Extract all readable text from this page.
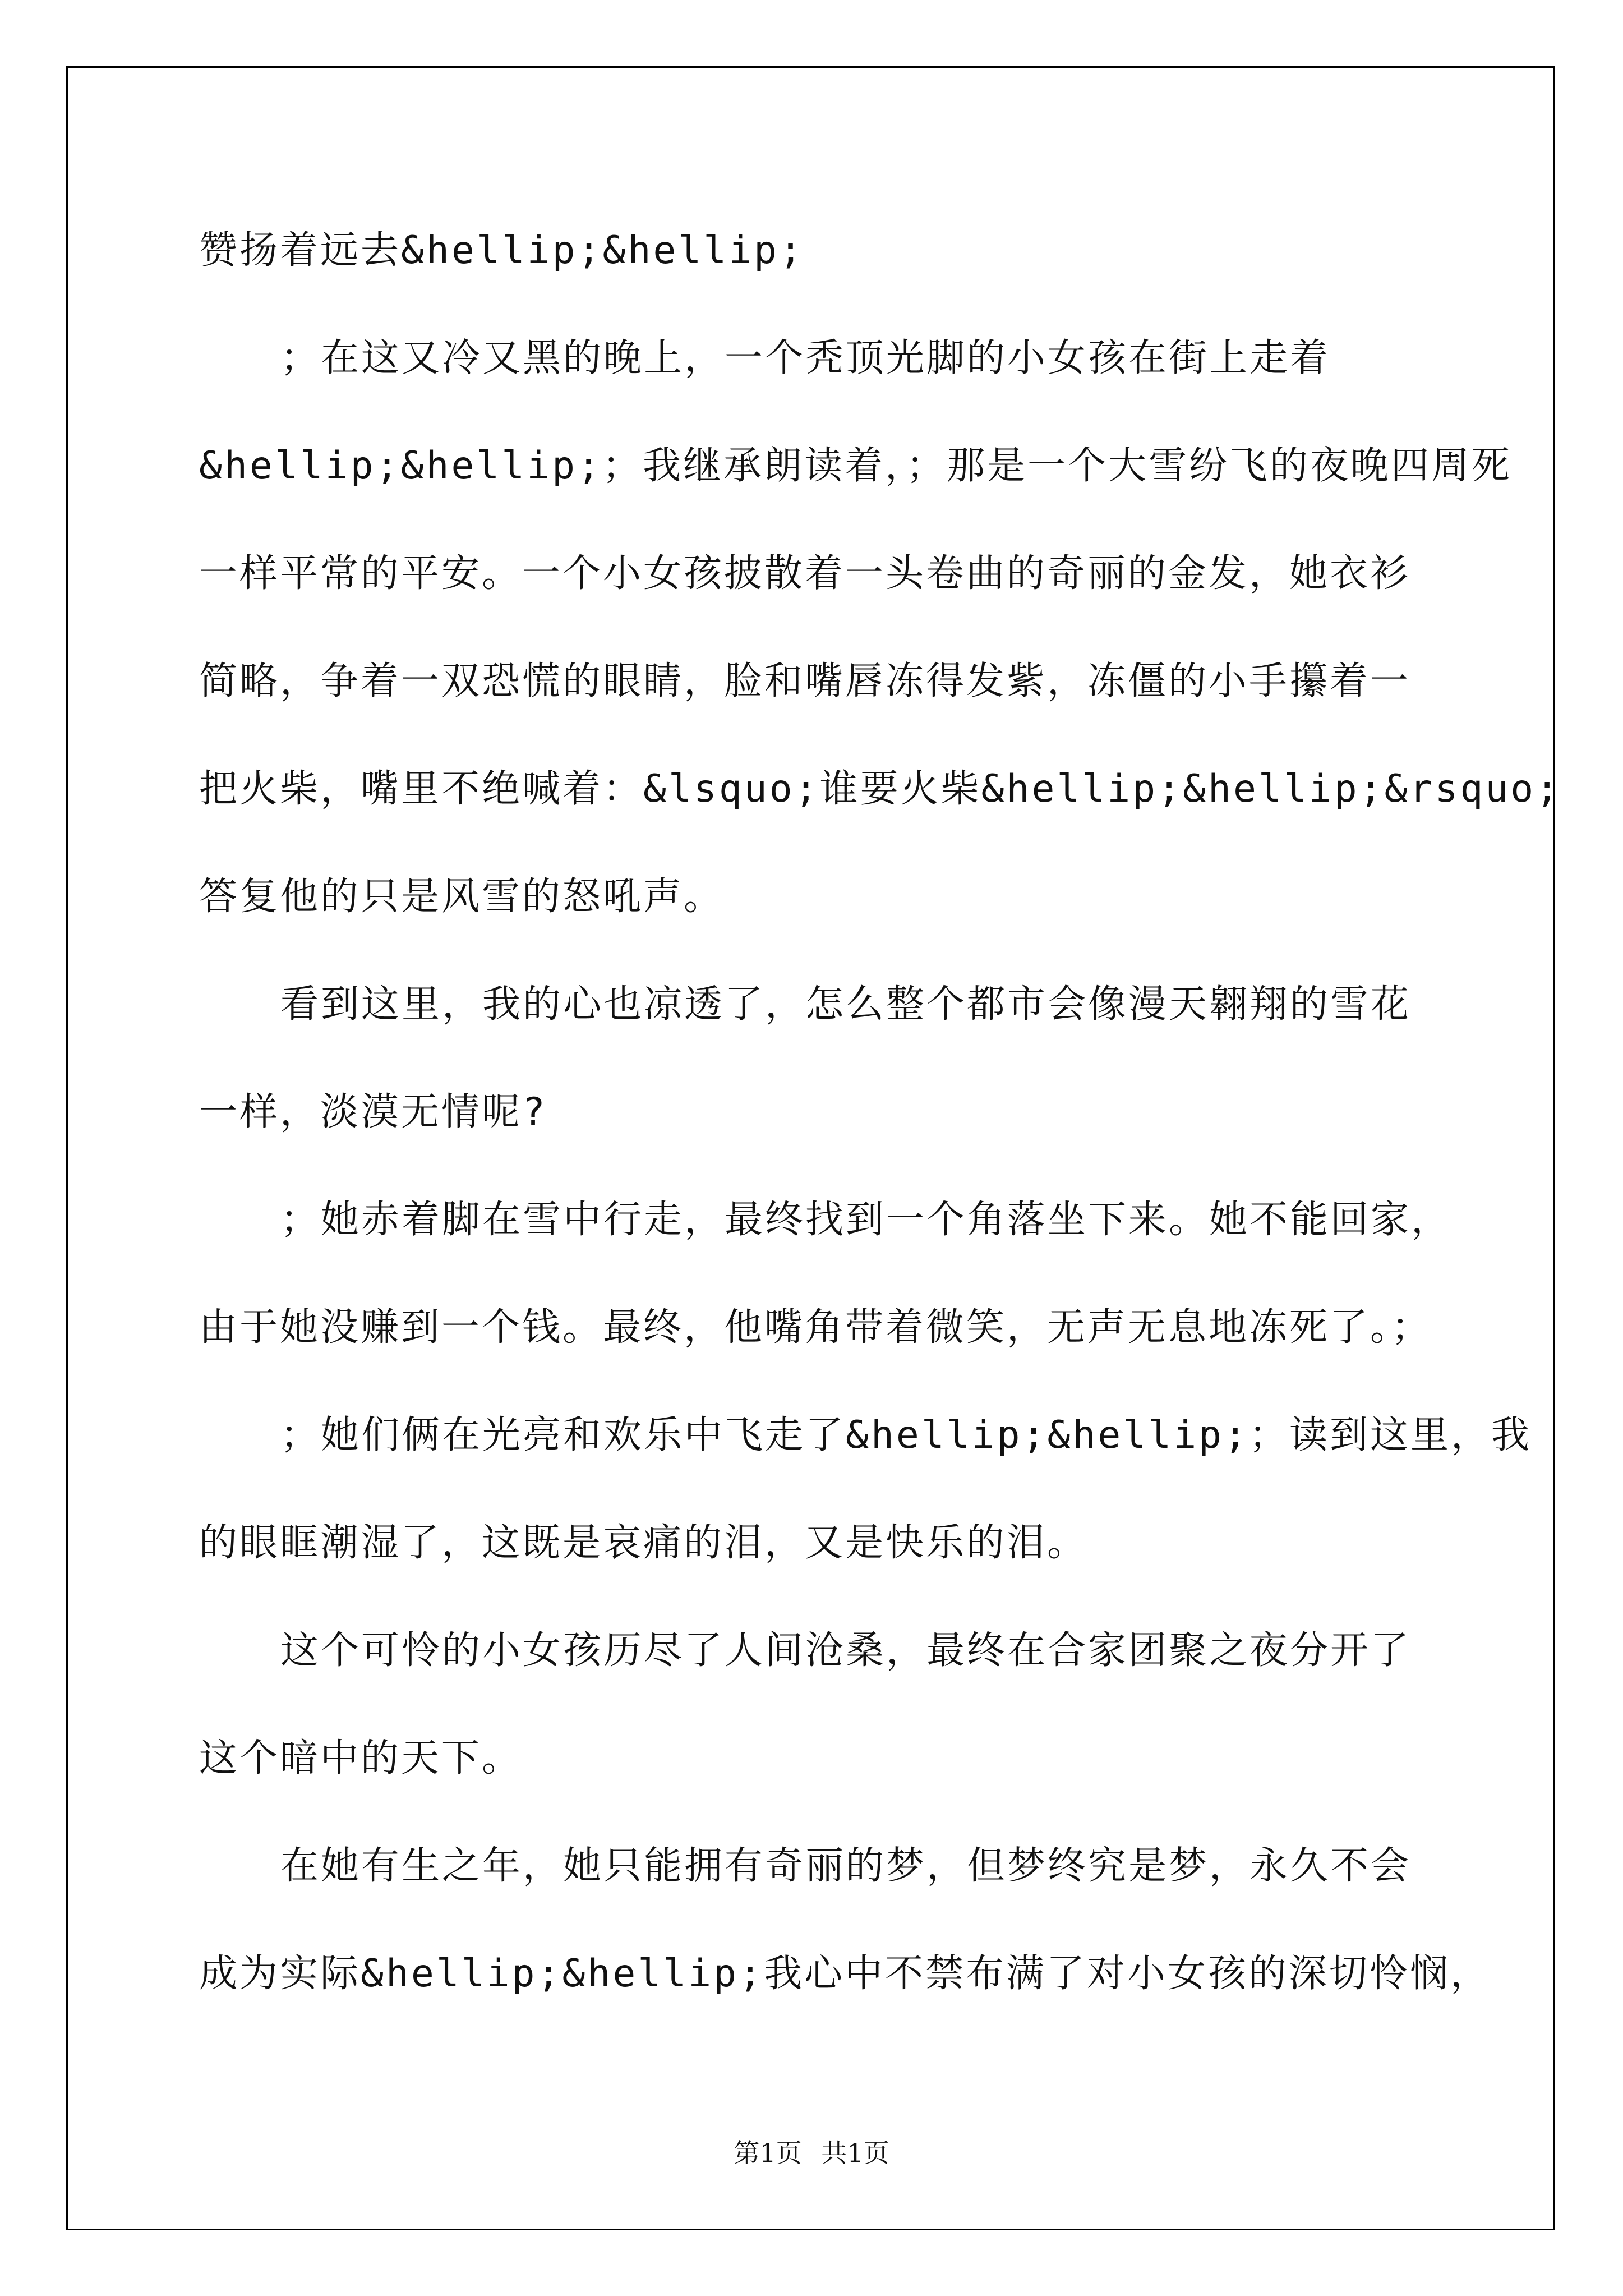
赞扬着远去&hellip;&hellip;
；在这又冷又黑的晚上，一个秃顶光脚的小女孩在街上走着
&hellip;&hellip;；我继承朗读着，；那是一个大雪纷飞的夜晚四周死
一样平常的平安。一个小女孩披散着一头卷曲的奇丽的金发，她衣衫
简略，争着一双恐慌的眼睛，脸和嘴唇冻得发紫，冻僵的小手攥着一
把火柴，嘴里不绝喊着：&lsquo;谁要火柴&hellip;&hellip;&rsquo;
答复他的只是风雪的怒吼声。
看到这里，我的心也凉透了，怎么整个都市会像漫天翱翔的雪花
一样，淡漠无情呢?
；她赤着脚在雪中行走，最终找到一个角落坐下来。她不能回家，
由于她没赚到一个钱。最终，他嘴角带着微笑，无声无息地冻死了。；
；她们俩在光亮和欢乐中飞走了&hellip;&hellip;；读到这里，我
的眼眶潮湿了，这既是哀痛的泪，又是快乐的泪。
这个可怜的小女孩历尽了人间沧桑，最终在合家团聚之夜分开了
这个暗中的天下。
在她有生之年，她只能拥有奇丽的梦，但梦终究是梦，永久不会
成为实际&hellip;&hellip;我心中不禁布满了对小女孩的深切怜悯，
第1页 共1页
